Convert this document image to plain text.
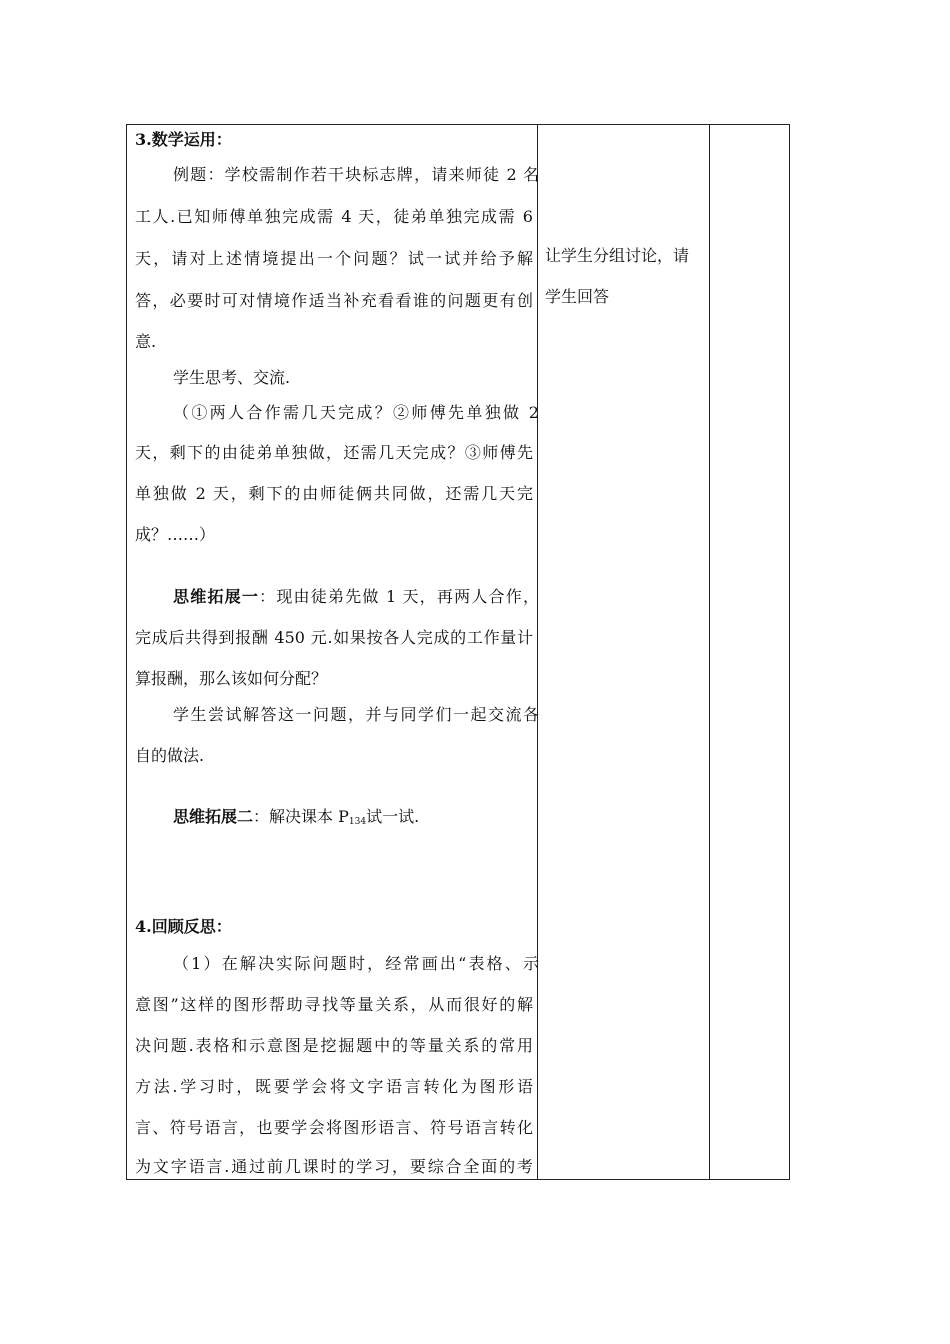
3.数学运用：
例题：学校需制作若干块标志牌，请来师徒 2 名
工人.已知师傅单独完成需 4 天，徒弟单独完成需 6
天，请对上述情境提出一个问题？试一试并给予解
答，必要时可对情境作适当补充看看谁的问题更有创
意.
学生思考、交流.
（①两人合作需几天完成？②师傅先单独做 2
天，剩下的由徒弟单独做，还需几天完成？③师傅先
单独做 2 天，剩下的由师徒俩共同做，还需几天完
成？……）
思维拓展一：现由徒弟先做 1 天，再两人合作，
完成后共得到报酬 450 元.如果按各人完成的工作量计
算报酬，那么该如何分配？
学生尝试解答这一问题，并与同学们一起交流各
自的做法.
思维拓展二：解决课本 $P_{134}$试一试.
4.回顾反思：
（1）在解决实际问题时，经常画出“表格、示
意图”这样的图形帮助寻找等量关系，从而很好的解
决问题.表格和示意图是挖掘题中的等量关系的常用
方法.学习时，既要学会将文字语言转化为图形语
言、符号语言，也要学会将图形语言、符号语言转化
为文字语言.通过前几课时的学习，要综合全面的考
让学生分组讨论，请
学生回答
